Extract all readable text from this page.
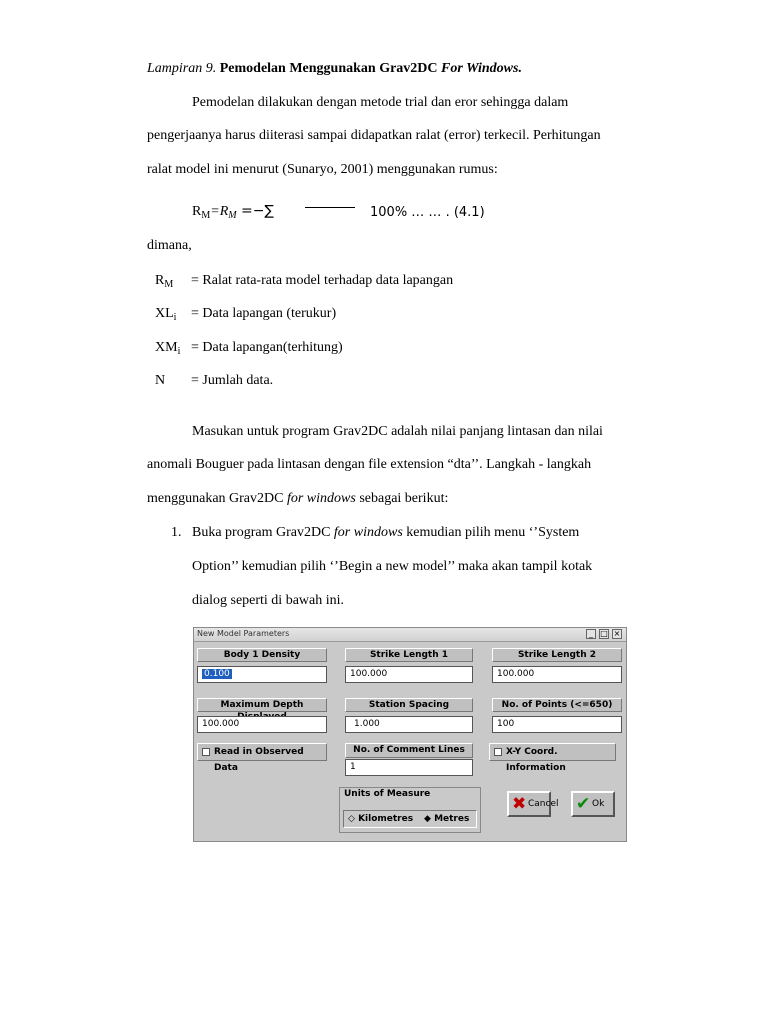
Lampiran 9. Pemodelan Menggunakan Grav2DC For Windows.
Pemodelan dilakukan dengan metode trial dan eror sehingga dalam
pengerjaanya harus diiterasi sampai didapatkan ralat (error) terkecil. Perhitungan
ralat model ini menurut (Sunaryo, 2001) menggunakan rumus:
$R_M=R_M$ =−∑	100% … … . (4.1)
dimana,
$R_M$	= Ralat rata-rata model terhadap data lapangan
$XL_i$	= Data lapangan (terukur)
$XM_i$ = Data lapangan(terhitung)
N	= Jumlah data.
Masukan untuk program Grav2DC adalah nilai panjang lintasan dan nilai
anomali Bouguer pada lintasan dengan file extension “dta’’. Langkah - langkah
menggunakan Grav2DC for windows sebagai berikut:
1. Buka program Grav2DC for windows kemudian pilih menu ‘’System
Option’’ kemudian pilih ‘’Begin a new model’’ maka akan tampil kotak
dialog seperti di bawah ini.
New Model Parameters	_ □ ×
Body 1 Density
0.100
Strike Length 1
100.000
Strike Length 2
100.000
Maximum Depth
100.000
Station Spacing
1.000
No. of Points (<=650)
100
Read in Observed Data
No. of Comment Lines
1
X-Y Coord. Information
Units of Measure
◇ Kilometres ◆ Metres
✖ Cancel ✔ Ok
